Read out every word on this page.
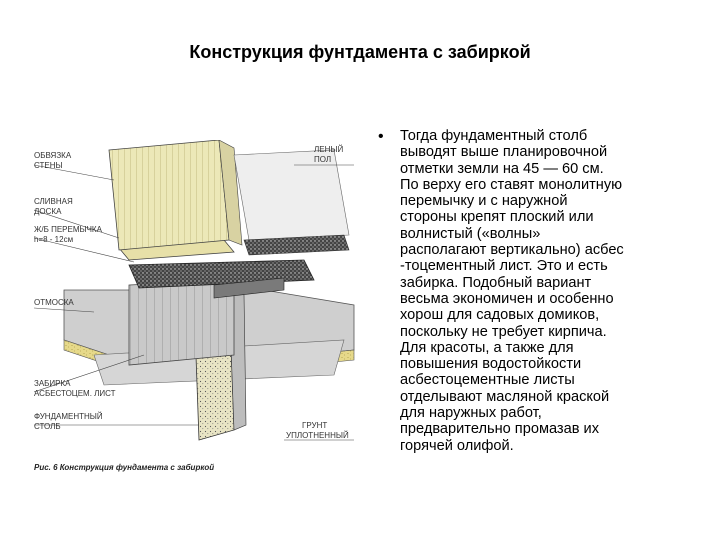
Конструкция фунтдамента с забиркой
ОБВЯЗКА
СТЕНЫ
СЛИВНАЯ
ДОСКА
Ж/Б ПЕРЕМЫЧКА
h=8 - 12см
ОТМОСКА
ЗАБИРКА
АСБЕСТОЦЕМ. ЛИСТ
ФУНДАМЕНТНЫЙ
СТОЛБ
ЛЕНЫЙ
ПОЛ
ГРУНТ
УПЛОТНЕННЫЙ
Рис. 6 Конструкция фундамента с забиркой
• Тогда фундаментный столб
выводят выше планировочной
отметки земли на 45 — 60 см.
По верху его ставят монолитную
перемычку и с наружной
стороны крепят плоский или
волнистый («волны»
располагают вертикально) асбес
-тоцементный лист. Это и есть
забирка. Подобный вариант
весьма экономичен и особенно
хорош для садовых домиков,
поскольку не требует кирпича.
Для красоты, а также для
повышения водостойкости
асбестоцементные листы
отделывают масляной краской
для наружных работ,
предварительно промазав их
горячей олифой.
